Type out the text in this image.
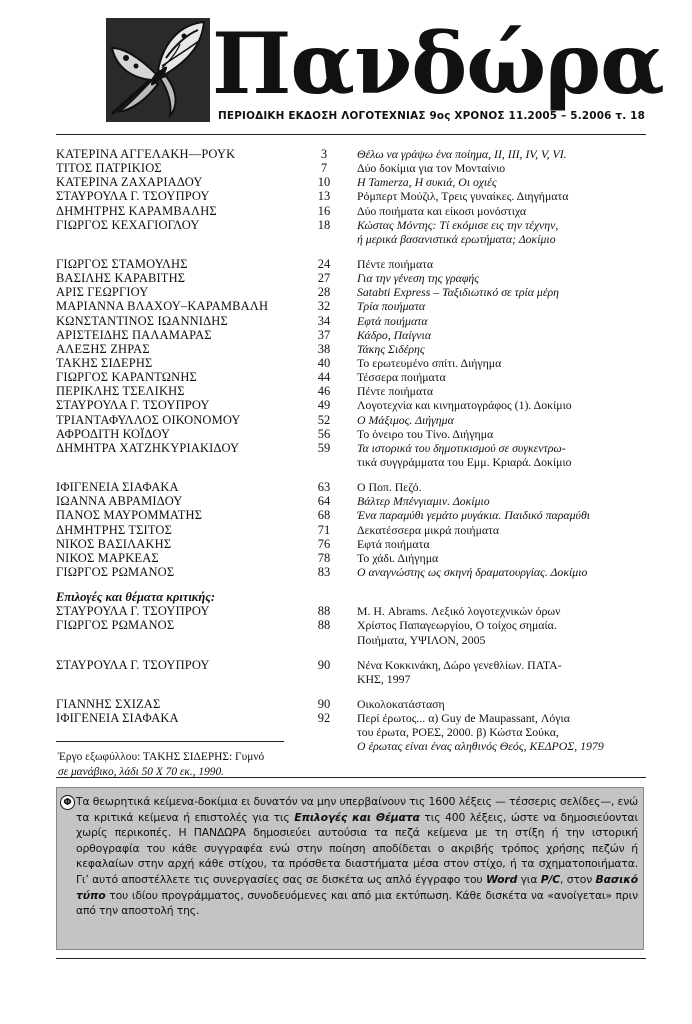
Πανδώρα
ΠΕΡΙΟΔΙΚΗ ΕΚΔΟΣΗ ΛΟΓΟΤΕΧΝΙΑΣ 9ος ΧΡΟΝΟΣ 11.2005 – 5.2006 τ. 18
ΚΑΤΕΡΙΝΑ ΑΓΓΕΛΑΚΗ—ΡΟΥΚ	3	Θέλω να γράψω ένα ποίημα, ΙΙ, ΙΙΙ, IV, V, VI.
ΤΙΤΟΣ ΠΑΤΡΙΚΙΟΣ	7	Δύο δοκίμια για τον Μονταίνιο
ΚΑΤΕΡΙΝΑ ΖΑΧΑΡΙΑΔΟΥ	10	Η Tamerza, Η συκιά, Οι οχιές
ΣΤΑΥΡΟΥΛΑ Γ. ΤΣΟΥΠΡΟΥ	13	Ρόμπερτ Μούζιλ, Τρεις γυναίκες. Διηγήματα
ΔΗΜΗΤΡΗΣ ΚΑΡΑΜΒΑΛΗΣ	16	Δύο ποιήματα και είκοσι μονόστιχα
ΓΙΩΡΓΟΣ ΚΕΧΑΓΙΟΓΛΟΥ	18	Κώστας Μόντης: Τί εκόμισε εις την τέχνην,
ή μερικά βασανιστικά ερωτήματα; Δοκίμιο
ΓΙΩΡΓΟΣ ΣΤΑΜΟΥΛΗΣ	24	Πέντε ποιήματα
ΒΑΣΙΛΗΣ ΚΑΡΑΒΙΤΗΣ	27	Για την γένεση της γραφής
ΑΡΙΣ ΓΕΩΡΓΙΟΥ	28	Satabti Express – Ταξιδιωτικό σε τρία μέρη
ΜΑΡΙΑΝΝΑ ΒΛΑΧΟΥ–ΚΑΡΑΜΒΑΛΗ	32	Τρία ποιήματα
ΚΩΝΣΤΑΝΤΙΝΟΣ ΙΩΑΝΝΙΔΗΣ	34	Εφτά ποιήματα
ΑΡΙΣΤΕΙΔΗΣ ΠΑΛΑΜΑΡΑΣ	37	Κάδρο, Παίγνια
ΑΛΕΞΗΣ ΖΗΡΑΣ	38	Τάκης Σιδέρης
ΤΑΚΗΣ ΣΙΔΕΡΗΣ	40	Το ερωτευμένο σπίτι. Διήγημα
ΓΙΩΡΓΟΣ ΚΑΡΑΝΤΩΝΗΣ	44	Τέσσερα ποιήματα
ΠΕΡΙΚΛΗΣ ΤΣΕΛΙΚΗΣ	46	Πέντε ποιήματα
ΣΤΑΥΡΟΥΛΑ Γ. ΤΣΟΥΠΡΟΥ	49	Λογοτεχνία και κινηματογράφος (1). Δοκίμιο
ΤΡΙΑΝΤΑΦΥΛΛΟΣ ΟΙΚΟΝΟΜΟΥ	52	Ο Μάξιμος. Διήγημα
ΑΦΡΟΔΙΤΗ ΚΟΪΔΟΥ	56	Το όνειρο του Τίνο. Διήγημα
ΔΗΜΗΤΡΑ ΧΑΤΖΗΚΥΡΙΑΚΙΔΟΥ	59	Τα ιστορικά του δημοτικισμού σε συγκεντρω-
τικά συγγράμματα του Εμμ. Κριαρά. Δοκίμιο
ΙΦΙΓΕΝΕΙΑ ΣΙΑΦΑΚΑ	63	Ο Ποπ. Πεζό.
ΙΩΑΝΝΑ ΑΒΡΑΜΙΔΟΥ	64	Βάλτερ Μπένγιαμιν. Δοκίμιο
ΠΑΝΟΣ ΜΑΥΡΟΜΜΑΤΗΣ	68	Ένα παραμύθι γεμάτο μυγάκια. Παιδικό παραμύθι
ΔΗΜΗΤΡΗΣ ΤΣΙΤΟΣ	71	Δεκατέσσερα μικρά ποιήματα
ΝΙΚΟΣ ΒΑΣΙΛΑΚΗΣ	76	Εφτά ποιήματα
ΝΙΚΟΣ ΜΑΡΚΕΑΣ	78	Το χάδι. Διήγημα
ΓΙΩΡΓΟΣ ΡΩΜΑΝΟΣ	83	Ο αναγνώστης ως σκηνή δραματουργίας. Δοκίμιο
Επιλογές και θέματα κριτικής:
ΣΤΑΥΡΟΥΛΑ Γ. ΤΣΟΥΠΡΟΥ	88	Μ. Η. Abrams. Λεξικό λογοτεχνικών όρων
ΓΙΩΡΓΟΣ ΡΩΜΑΝΟΣ	88	Χρίστος Παπαγεωργίου, Ο τοίχος σημαία.
Ποιήματα, ΥΨΙΛΟΝ, 2005
ΣΤΑΥΡΟΥΛΑ Γ. ΤΣΟΥΠΡΟΥ	90	Νένα Κοκκινάκη, Δώρο γενεθλίων. ΠΑΤΑ-
ΚΗΣ, 1997
ΓΙΑΝΝΗΣ ΣΧΙΖΑΣ	90	Οικολοκατάσταση
ΙΦΙΓΕΝΕΙΑ ΣΙΑΦΑΚΑ	92	Περί έρωτος... α) Guy de Maupassant, Λόγια
του έρωτα, ΡΟΕΣ, 2000. β) Κώστα Σούκα,
Ο έρωτας είναι ένας αληθινός Θεός, ΚΕΔΡΟΣ, 1979
Έργο εξωφύλλου: ΤΑΚΗΣ ΣΙΔΕΡΗΣ: Γυμνό
σε μανάβικο, λάδι 50 Χ 70 εκ., 1990.
Φ Τα θεωρητικά κείμενα-δοκίμια ει δυνατόν να μην υπερβαίνουν τις 1600 λέξεις — τέσσερις σελίδες—, ενώ τα κριτικά κείμενα ή επιστολές για τις Επιλογές και Θέματα τις 400 λέξεις, ώστε να δημοσιεύονται χωρίς περικοπές. Η ΠΑΝΔΩΡΑ δημοσιεύει αυτούσια τα πεζά κείμενα με τη στίξη ή την ιστορική ορθογραφία του κάθε συγγραφέα ενώ στην ποίηση αποδίδεται ο ακριβής τρόπος χρήσης πεζών ή κεφαλαίων στην αρχή κάθε στίχου, τα πρόσθετα διαστήματα μέσα στον στίχο, ή τα σχηματοποιήματα. Γι’ αυτό αποστέλλετε τις συνεργασίες σας σε δισκέτα ως απλό έγγραφο του Word για P/C, στον Βασικό τύπο του ιδίου προγράμματος, συνοδευόμενες και από μια εκτύπωση. Κάθε δισκέτα να «ανοίγεται» πριν από την αποστολή της.
